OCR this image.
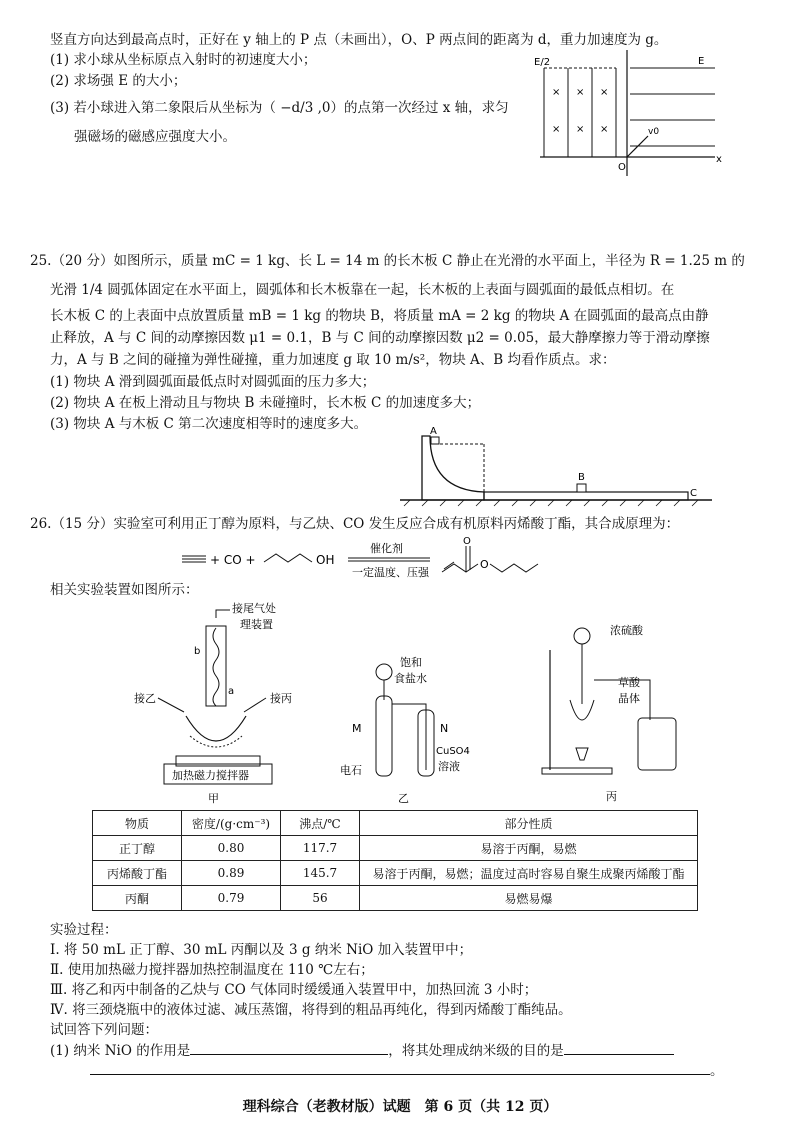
竖直方向达到最高点时，正好在 y 轴上的 P 点（未画出），O、P 两点间的距离为 d，重力加速度为 g。
(1) 求小球从坐标原点入射时的初速度大小；
(2) 求场强 E 的大小；
(3) 若小球进入第二象限后从坐标为（ −d/3 ,0）的点第一次经过 x 轴，求匀
强磁场的磁感应强度大小。
x
O
E/2
× × ×
× × ×
E
v0
25.（20 分）如图所示，质量 mC = 1 kg、长 L = 14 m 的长木板 C 静止在光滑的水平面上，半径为 R = 1.25 m 的
光滑 1/4 圆弧体固定在水平面上，圆弧体和长木板靠在一起，长木板的上表面与圆弧面的最低点相切。在
长木板 C 的上表面中点放置质量 mB = 1 kg 的物块 B，将质量 mA = 2 kg 的物块 A 在圆弧面的最高点由静
止释放，A 与 C 间的动摩擦因数 μ1 = 0.1，B 与 C 间的动摩擦因数 μ2 = 0.05，最大静摩擦力等于滑动摩擦
力，A 与 B 之间的碰撞为弹性碰撞，重力加速度 g 取 10 m/s²，物块 A、B 均看作质点。求：
(1) 物块 A 滑到圆弧面最低点时对圆弧面的压力多大；
(2) 物块 A 在板上滑动且与物块 B 未碰撞时，长木板 C 的加速度多大；
(3) 物块 A 与木板 C 第二次速度相等时的速度多大。	A
B
C
26.（15 分）实验室可利用正丁醇为原料，与乙炔、CO 发生反应合成有机原料丙烯酸丁酯，其合成原理为：
+ CO +	OH
催化剂
一定温度、压强
O
O
相关实验装置如图所示：
接尾气处
理装置
b
a
接乙	接丙
加热磁力搅拌器
甲
饱和
食盐水
M
电石
N
CuSO4
溶液
乙
浓硫酸
草酸
晶体
丙
物质	密度/(g·cm⁻³)	沸点/℃	部分性质
正丁醇	0.80	117.7	易溶于丙酮，易燃
丙烯酸丁酯	0.89	145.7	易溶于丙酮，易燃；温度过高时容易自聚生成聚丙烯酸丁酯
丙酮	0.79	56	易燃易爆
实验过程：
Ⅰ. 将 50 mL 正丁醇、30 mL 丙酮以及 3 g 纳米 NiO 加入装置甲中；
Ⅱ. 使用加热磁力搅拌器加热控制温度在 110 ℃左右；
Ⅲ. 将乙和丙中制备的乙炔与 CO 气体同时缓缓通入装置甲中，加热回流 3 小时；
Ⅳ. 将三颈烧瓶中的液体过滤、减压蒸馏，将得到的粗品再纯化，得到丙烯酸丁酯纯品。
试回答下列问题：
(1) 纳米 NiO 的作用是	，将其处理成纳米级的目的是
。
理科综合（老教材版）试题　第 6 页（共 12 页）
